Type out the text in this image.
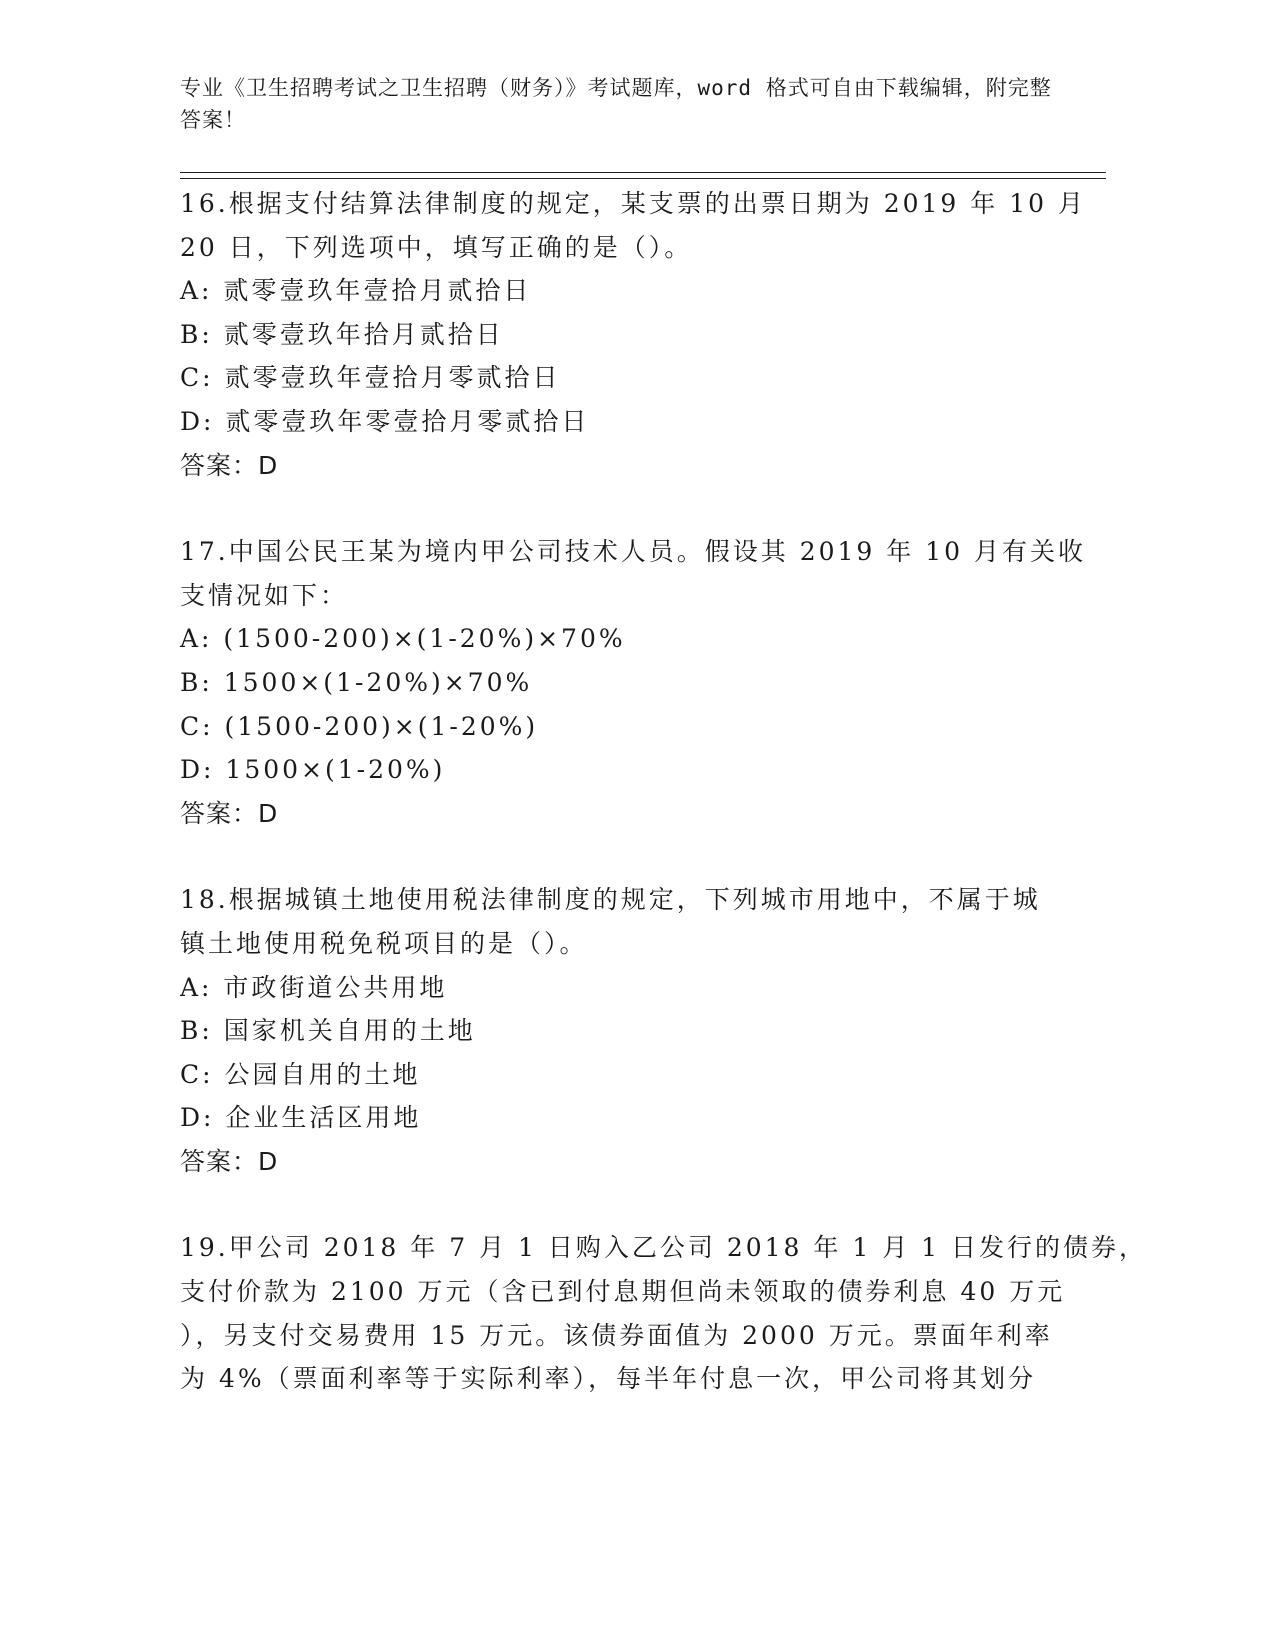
专业《卫生招聘考试之卫生招聘（财务）》考试题库，word 格式可自由下载编辑，附完整答案！
16.根据支付结算法律制度的规定，某支票的出票日期为 2019 年 10 月
20 日，下列选项中，填写正确的是（）。
A: 贰零壹玖年壹拾月贰拾日
B: 贰零壹玖年拾月贰拾日
C: 贰零壹玖年壹拾月零贰拾日
D: 贰零壹玖年零壹拾月零贰拾日
答案：D
17.中国公民王某为境内甲公司技术人员。假设其 2019 年 10 月有关收
支情况如下：
A: (1500-200)×(1-20%)×70%
B: 1500×(1-20%)×70%
C: (1500-200)×(1-20%)
D: 1500×(1-20%)
答案：D
18.根据城镇土地使用税法律制度的规定，下列城市用地中，不属于城
镇土地使用税免税项目的是（）。
A: 市政街道公共用地
B: 国家机关自用的土地
C: 公园自用的土地
D: 企业生活区用地
答案：D
19.甲公司 2018 年 7 月 1 日购入乙公司 2018 年 1 月 1 日发行的债券，
支付价款为 2100 万元（含已到付息期但尚未领取的债券利息 40 万元
），另支付交易费用 15 万元。该债券面值为 2000 万元。票面年利率
为 4%（票面利率等于实际利率），每半年付息一次，甲公司将其划分
